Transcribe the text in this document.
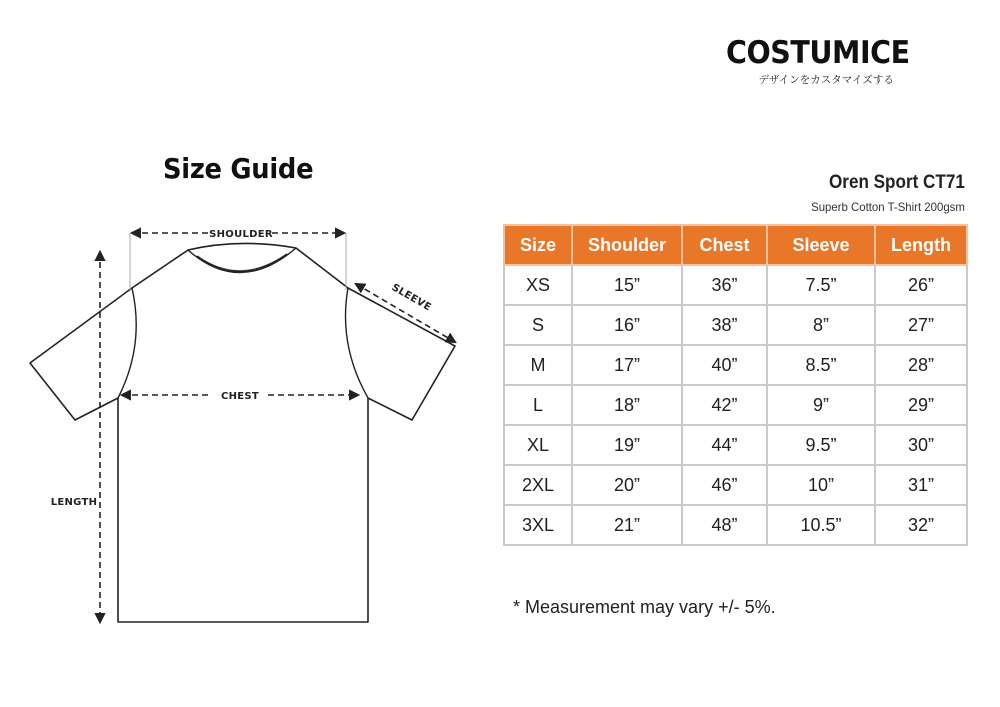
COSTUMICE
デザインをカスタマイズする
Size Guide
SHOULDER
SLEEVE
CHEST
LENGTH
Oren Sport CT71
Superb Cotton T-Shirt 200gsm
Size	Shoulder	Chest	Sleeve	Length
XS	15”	36”	7.5”	26”
S	16”	38”	8”	27”
M	17”	40”	8.5”	28”
L	18”	42”	9”	29”
XL	19”	44”	9.5”	30”
2XL	20”	46”	10”	31”
3XL	21”	48”	10.5”	32”
* Measurement may vary +/- 5%.
